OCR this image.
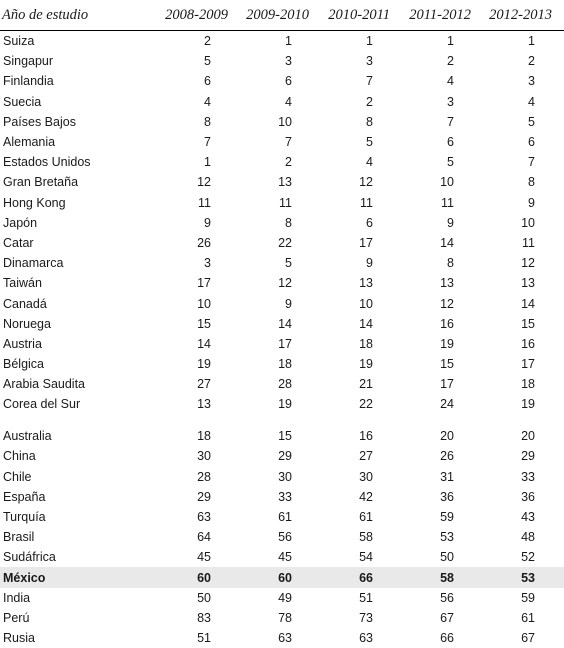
Año de estudio	2008-2009	2009-2010	2010-2011	2011-2012	2012-2013
Suiza	2	1	1	1	1
Singapur	5	3	3	2	2
Finlandia	6	6	7	4	3
Suecia	4	4	2	3	4
Países Bajos	8	10	8	7	5
Alemania	7	7	5	6	6
Estados Unidos	1	2	4	5	7
Gran Bretaña	12	13	12	10	8
Hong Kong	11	11	11	11	9
Japón	9	8	6	9	10
Catar	26	22	17	14	11
Dinamarca	3	5	9	8	12
Taiwán	17	12	13	13	13
Canadá	10	9	10	12	14
Noruega	15	14	14	16	15
Austria	14	17	18	19	16
Bélgica	19	18	19	15	17
Arabia Saudita	27	28	21	17	18
Corea del Sur	13	19	22	24	19
Australia	18	15	16	20	20
China	30	29	27	26	29
Chile	28	30	30	31	33
España	29	33	42	36	36
Turquía	63	61	61	59	43
Brasil	64	56	58	53	48
Sudáfrica	45	45	54	50	52
México	60	60	66	58	53
India	50	49	51	56	59
Perú	83	78	73	67	61
Rusia	51	63	63	66	67
